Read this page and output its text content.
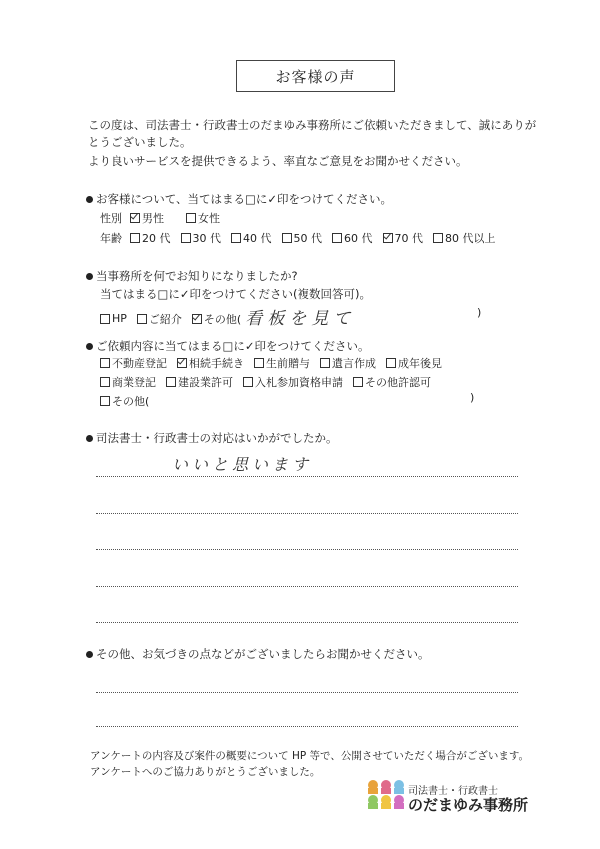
お客様の声
この度は、司法書士・行政書士のだまゆみ事務所にご依頼いただきまして、誠にありが
とうございました。
より良いサービスを提供できるよう、率直なご意見をお聞かせください。
お客様について、当てはまる□に✓印をつけてください。
性別 男性	女性
年齢 20 代 30 代 40 代 50 代 60 代 70 代 80 代以上
当事務所を何でお知りになりましたか?
当てはまる□に✓印をつけてください(複数回答可)。
HP ご紹介 その他( 看板を見て	)
ご依頼内容に当てはまる□に✓印をつけてください。
不動産登記 相続手続き 生前贈与 遺言作成 成年後見
商業登記 建設業許可 入札参加資格申請 その他許認可
その他(	)
司法書士・行政書士の対応はいかがでしたか。
いいと思います
その他、お気づきの点などがございましたらお聞かせください。
アンケートの内容及び案件の概要について HP 等で、公開させていただく場合がございます。
アンケートへのご協力ありがとうございました。
司法書士・行政書士
のだまゆみ事務所
